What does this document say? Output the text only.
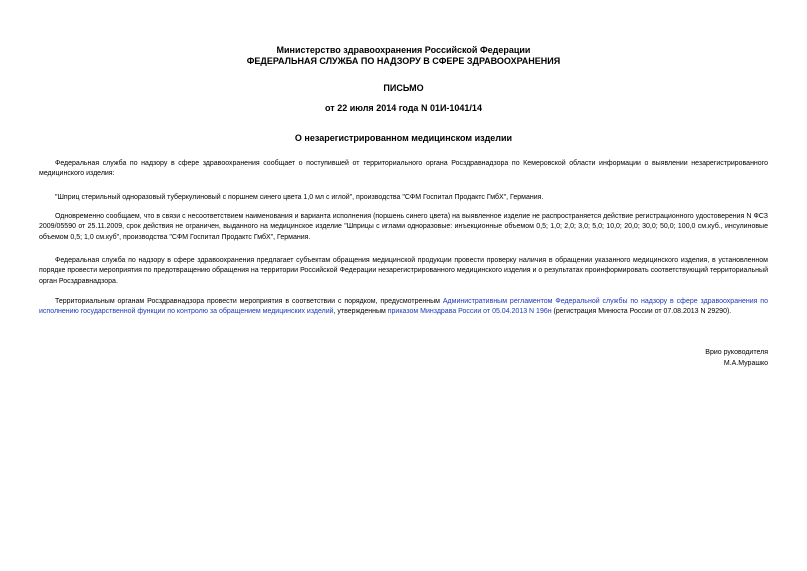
Министерство здравоохранения Российской Федерации
ФЕДЕРАЛЬНАЯ СЛУЖБА ПО НАДЗОРУ В СФЕРЕ ЗДРАВООХРАНЕНИЯ
ПИСЬМО
от 22 июля 2014 года N 01И-1041/14
О незарегистрированном медицинском изделии

Федеральная служба по надзору в сфере здравоохранения сообщает о поступившей от территориального органа Росздравнадзора по Кемеровской области информации о выявлении незарегистрированного медицинского изделия:

"Шприц стерильный одноразовый туберкулиновый с поршнем синего цвета 1,0 мл с иглой", производства "СФМ Госпитал Продактс ГмбХ", Германия.

Одновременно сообщаем, что в связи с несоответствием наименования и варианта исполнения (поршень синего цвета) на выявленное изделие не распространяется действие регистрационного удостоверения N ФСЗ 2009/05590 от 25.11.2009, срок действия не ограничен, выданного на медицинское изделие "Шприцы с иглами одноразовые: инъекционные объемом 0,5; 1,0; 2,0; 3,0; 5,0; 10,0; 20,0; 30,0; 50,0; 100,0 см.куб., инсулиновые объемом 0,5; 1,0 см.куб", производства "СФМ Госпитал Продактс ГмбХ", Германия.

Федеральная служба по надзору в сфере здравоохранения предлагает субъектам обращения медицинской продукции провести проверку наличия в обращении указанного медицинского изделия, в установленном порядке провести мероприятия по предотвращению обращения на территории Российской Федерации незарегистрированного медицинского изделия и о результатах проинформировать соответствующий территориальный орган Росздравнадзора.

Территориальным органам Росздравнадзора провести мероприятия в соответствии с порядком, предусмотренным Административным регламентом Федеральной службы по надзору в сфере здравоохранения по исполнению государственной функции по контролю за обращением медицинских изделий, утвержденным приказом Минздрава России от 05.04.2013 N 196н (регистрация Минюста России от 07.08.2013 N 29290).

Врио руководителя
М.А.Мурашко
